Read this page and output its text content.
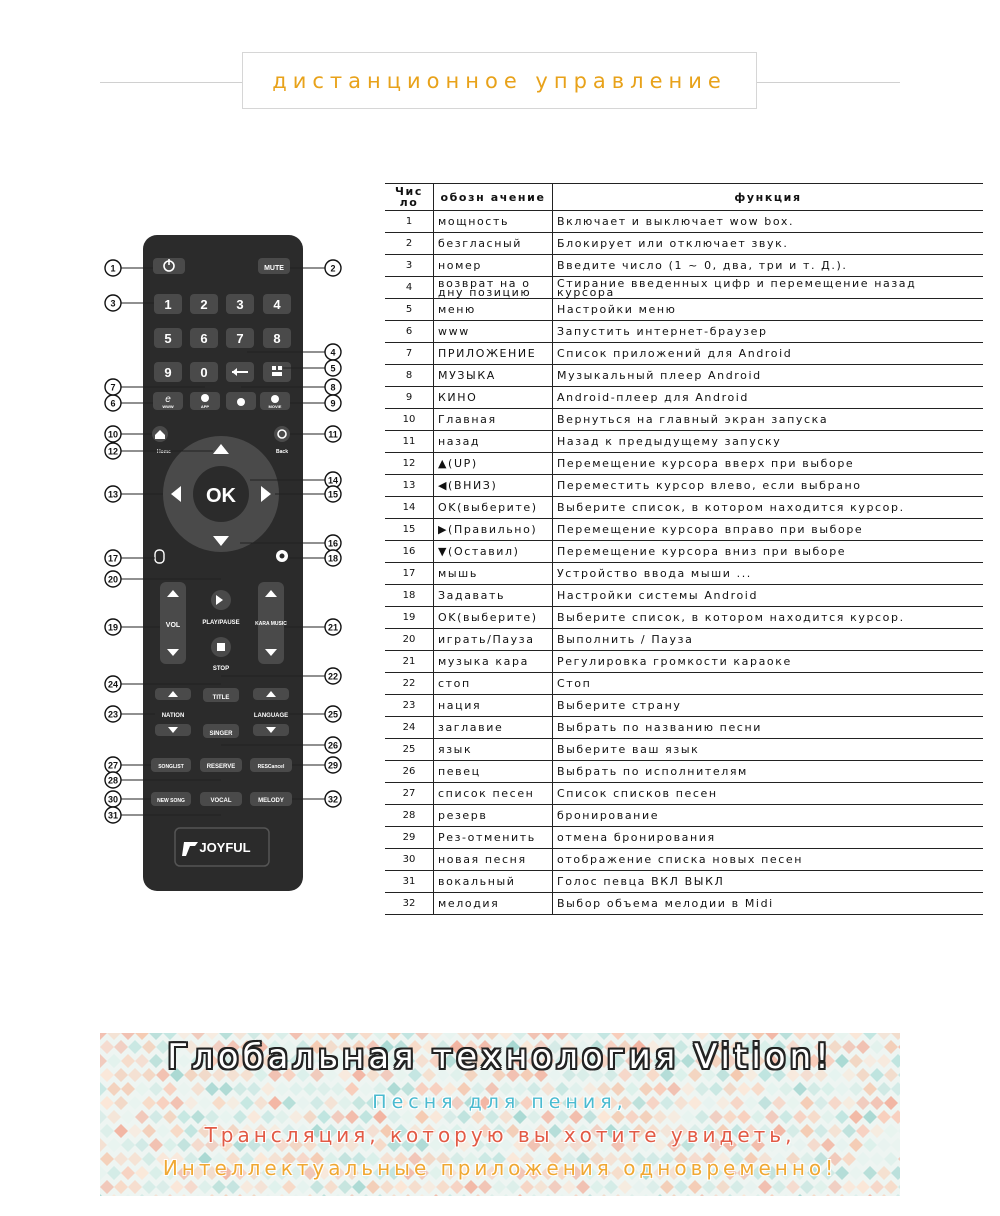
дистанционное управление
MUTE
1 2 3 4
5 6 7 8
9 0
WWW
e
APP	MOVIE
Home	Back
OK
VOL	KARA MUSIC
PLAY/PAUSE
STOP
NATION
TITLE
LANGUAGE
SINGER
SONGLIST	RESERVE	RESCancel
NEW SONG	VOCAL	MELODY
JOYFUL
1	2
3
4
5
6
7	8
9
10	11
12
13
14
15
16
17	18
19
20
21
22
23
24
25
26
27
28
29
30
31
32
Чис ло	обозн ачение	функция
1	мощность	Включает и выключает wow box.
2	безгласный	Блокирует или отключает звук.
3	номер	Введите число (1 ~ 0, два, три и т. Д.).
4	возврат на о дну позицию	Стирание введенных цифр и перемещение назад курсора
5	меню	Настройки меню
6	www	Запустить интернет-браузер
7	ПРИЛОЖЕНИЕ	Список приложений для Android
8	МУЗЫКА	Музыкальный плеер Android
9	КИНО	Android-плеер для Android
10	Главная	Вернуться на главный экран запуска
11	назад	Назад к предыдущему запуску
12	▲(UP)	Перемещение курсора вверх при выборе
13	◀(ВНИЗ)	Переместить курсор влево, если выбрано
14	OK(выберите)	Выберите список, в котором находится курсор.
15	▶(Правильно)	Перемещение курсора вправо при выборе
16	▼(Оставил)	Перемещение курсора вниз при выборе
17	мышь	Устройство ввода мыши ...
18	Задавать	Настройки системы Android
19	OK(выберите)	Выберите список, в котором находится курсор.
20	играть/Пауза	Выполнить / Пауза
21	музыка кара	Регулировка громкости караоке
22	стоп	Стоп
23	нация	Выберите страну
24	заглавие	Выбрать по названию песни
25	язык	Выберите ваш язык
26	певец	Выбрать по исполнителям
27	список песен	Список списков песен
28	резерв	бронирование
29	Рез-отменить	отмена бронирования
30	новая песня	отображение списка новых песен
31	вокальный	Голос певца ВКЛ ВЫКЛ
32	мелодия	Выбор объема мелодии в Midi
Глобальная технология Vition!
Песня для пения,
Трансляция, которую вы хотите увидеть,
Интеллектуальные приложения одновременно!
